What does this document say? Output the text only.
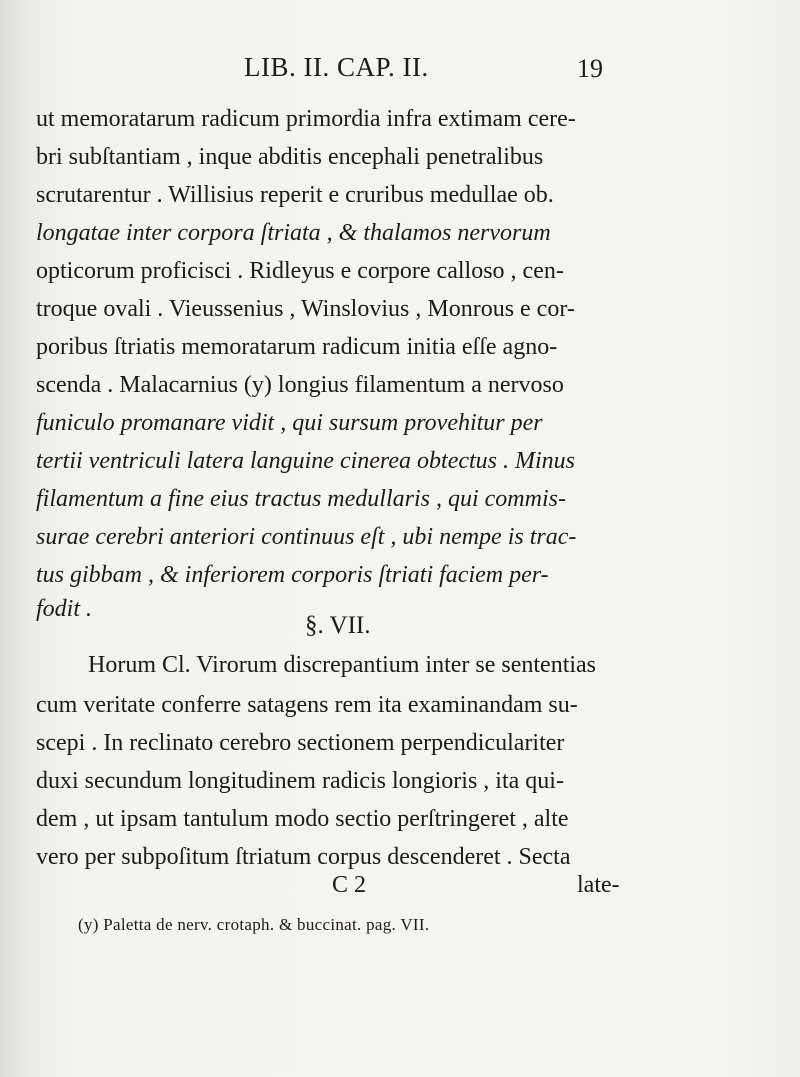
LIB. II. CAP. II.	19
ut memoratarum radicum primordia infra extimam cere-
bri subſtantiam , inque abditis encephali penetralibus
scrutarentur . Willisius reperit e cruribus medullae ob.
longatae inter corpora ſtriata , & thalamos nervorum
opticorum proficisci . Ridleyus e corpore calloso , cen-
troque ovali . Vieussenius , Winslovius , Monrous e cor-
poribus ſtriatis memoratarum radicum initia eſſe agno-
scenda . Malacarnius (y) longius filamentum a nervoso
funiculo promanare vidit , qui sursum provehitur per
tertii ventriculi latera languine cinerea obtectus . Minus
filamentum a fine eius tractus medullaris , qui commis-
surae cerebri anteriori continuus eſt , ubi nempe is trac-
tus gibbam , & inferiorem corporis ſtriati faciem per-
fodit .
§. VII.
Horum Cl. Virorum discrepantium inter se sententias
cum veritate conferre satagens rem ita examinandam su-
scepi . In reclinato cerebro sectionem perpendiculariter
duxi secundum longitudinem radicis longioris , ita qui-
dem , ut ipsam tantulum modo sectio perſtringeret , alte
vero per subpoſitum ſtriatum corpus descenderet . Secta
C 2	late-
(y) Paletta de nerv. crotaph. & buccinat. pag. VII.
